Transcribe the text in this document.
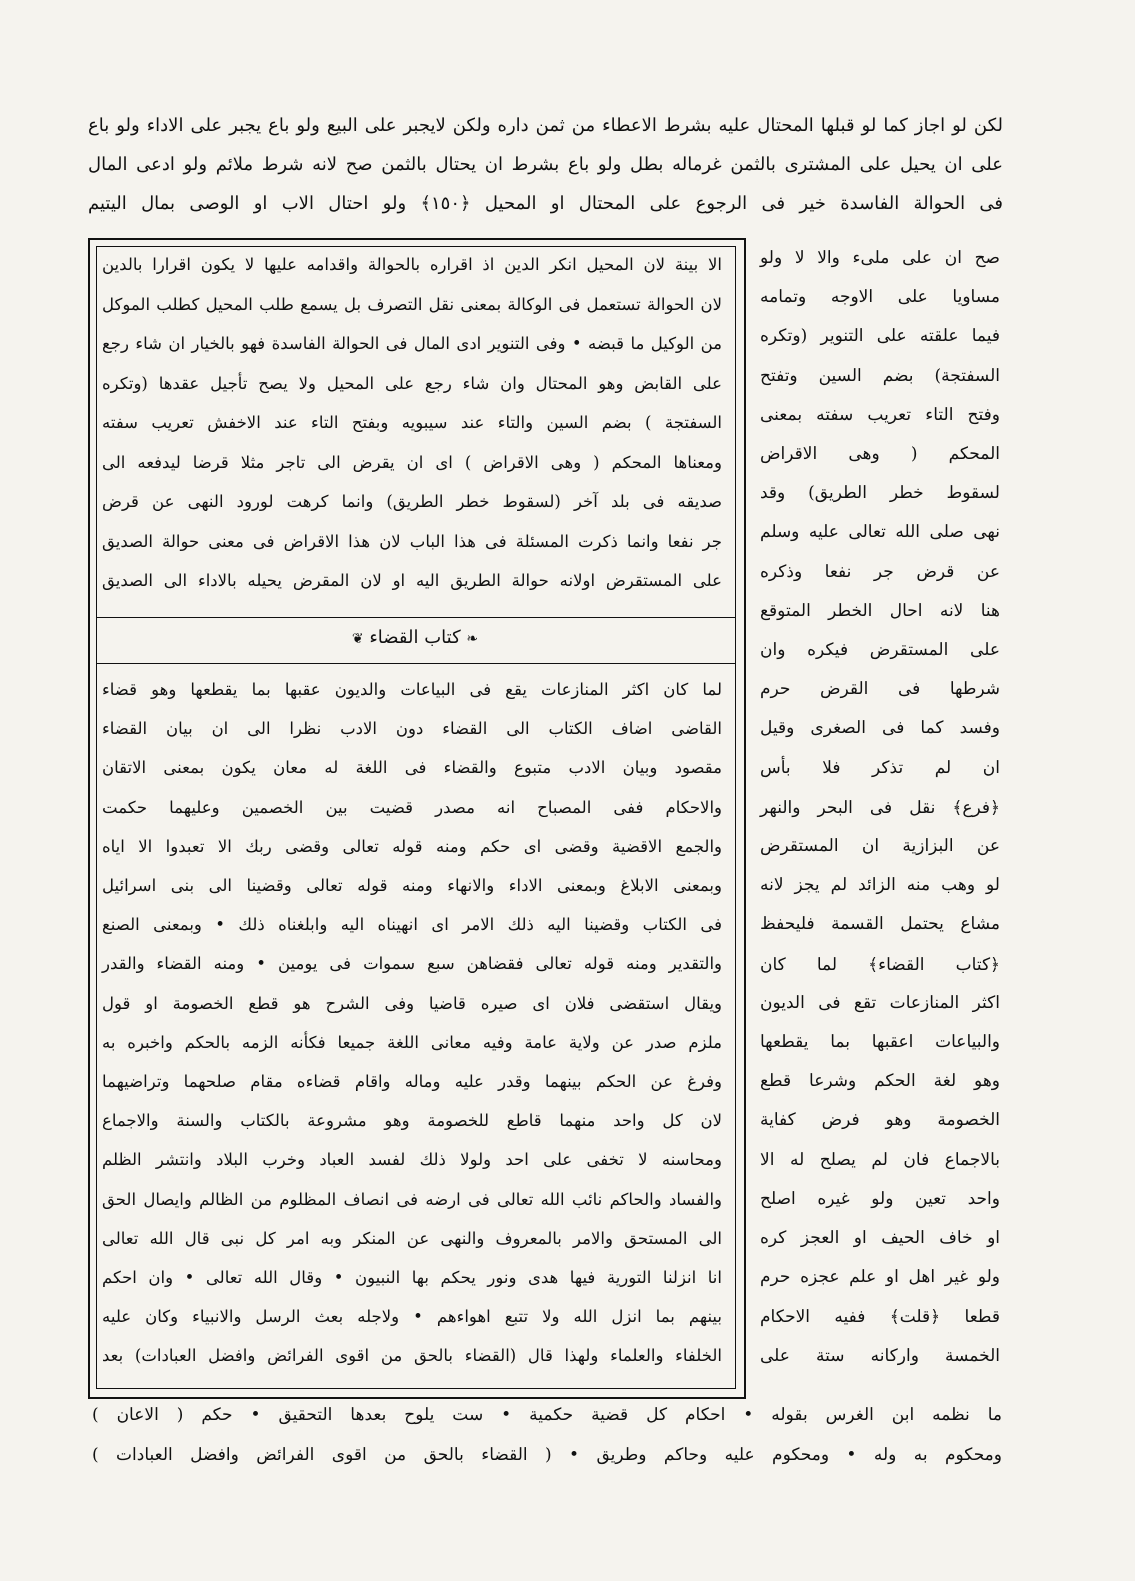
❧ كتاب القضاء ❦
لكن لو اجاز كما لو قبلها المحتال عليه بشرط الاعطاء من ثمن داره ولكن لايجبر على البيع ولو باع يجبر على الاداء ولو باع
على ان يحيل على المشترى بالثمن غرماله بطل ولو باع بشرط ان يحتال بالثمن صح لانه شرط ملائم ولو ادعى المال
فى الحوالة الفاسدة خير فى الرجوع على المحتال او المحيل ﴿١٥٠﴾ ولو احتال الاب او الوصى بمال اليتيم
الا بينة لان المحيل انكر الدين اذ اقراره بالحوالة واقدامه عليها لا يكون اقرارا بالدين
لان الحوالة تستعمل فى الوكالة بمعنى نقل التصرف بل يسمع طلب المحيل كطلب الموكل
من الوكيل ما قبضه • وفى التنوير ادى المال فى الحوالة الفاسدة فهو بالخيار ان شاء رجع
على القابض وهو المحتال وان شاء رجع على المحيل ولا يصح تأجيل عقدها (وتكره
السفتجة ) بضم السين والتاء عند سيبويه وبفتح التاء عند الاخفش تعريب سفته
ومعناها المحكم ( وهى الاقراض ) اى ان يقرض الى تاجر مثلا قرضا ليدفعه الى
صديقه فى بلد آخر (لسقوط خطر الطريق) وانما كرهت لورود النهى عن قرض
جر نفعا وانما ذكرت المسئلة فى هذا الباب لان هذا الاقراض فى معنى حوالة الصديق
على المستقرض اولانه حوالة الطريق اليه او لان المقرض يحيله بالاداء الى الصديق
لما كان اكثر المنازعات يقع فى البياعات والديون عقبها بما يقطعها وهو قضاء
القاضى اضاف الكتاب الى القضاء دون الادب نظرا الى ان بيان القضاء
مقصود وبيان الادب متبوع والقضاء فى اللغة له معان يكون بمعنى الاتقان
والاحكام ففى المصباح انه مصدر قضيت بين الخصمين وعليهما حكمت
والجمع الاقضية وقضى اى حكم ومنه قوله تعالى وقضى ربك الا تعبدوا الا اياه
وبمعنى الابلاغ وبمعنى الاداء والانهاء ومنه قوله تعالى وقضينا الى بنى اسرائيل
فى الكتاب وقضينا اليه ذلك الامر اى انهيناه اليه وابلغناه ذلك • وبمعنى الصنع
والتقدير ومنه قوله تعالى فقضاهن سبع سموات فى يومين • ومنه القضاء والقدر
ويقال استقضى فلان اى صيره قاضيا وفى الشرح هو قطع الخصومة او قول
ملزم صدر عن ولاية عامة وفيه معانى اللغة جميعا فكأنه الزمه بالحكم واخبره به
وفرغ عن الحكم بينهما وقدر عليه وماله واقام قضاءه مقام صلحهما وتراضيهما
لان كل واحد منهما قاطع للخصومة وهو مشروعة بالكتاب والسنة والاجماع
ومحاسنه لا تخفى على احد ولولا ذلك لفسد العباد وخرب البلاد وانتشر الظلم
والفساد والحاكم نائب الله تعالى فى ارضه فى انصاف المظلوم من الظالم وايصال الحق
الى المستحق والامر بالمعروف والنهى عن المنكر وبه امر كل نبى قال الله تعالى
انا انزلنا التورية فيها هدى ونور يحكم بها النبيون • وقال الله تعالى • وان احكم
بينهم بما انزل الله ولا تتبع اهواءهم • ولاجله بعث الرسل والانبياء وكان عليه
الخلفاء والعلماء ولهذا قال (القضاء بالحق من اقوى الفرائض وافضل العبادات) بعد
صح ان على ملىء والا لا ولو
مساويا على الاوجه وتمامه
فيما علقته على التنوير (وتكره
السفتجة) بضم السين وتفتح
وفتح التاء تعريب سفته بمعنى
المحكم ( وهى الاقراض
لسقوط خطر الطريق) وقد
نهى صلى الله تعالى عليه وسلم
عن قرض جر نفعا وذكره
هنا لانه احال الخطر المتوقع
على المستقرض فيكره وان
شرطها فى القرض حرم
وفسد كما فى الصغرى وقيل
ان لم تذكر فلا بأس
﴿فرع﴾ نقل فى البحر والنهر
عن البزازية ان المستقرض
لو وهب منه الزائد لم يجز لانه
مشاع يحتمل القسمة فليحفظ
﴿كتاب القضاء﴾ لما كان
اكثر المنازعات تقع فى الديون
والبياعات اعقبها بما يقطعها
وهو لغة الحكم وشرعا قطع
الخصومة وهو فرض كفاية
بالاجماع فان لم يصلح له الا
واحد تعين ولو غيره اصلح
او خاف الحيف او العجز كره
ولو غير اهل او علم عجزه حرم
قطعا ﴿قلت﴾ ففيه الاحكام
الخمسة واركانه ستة على
ما نظمه ابن الغرس بقوله • احكام كل قضية حكمية • ست يلوح بعدها التحقيق • حكم ( الاعان )
ومحكوم به وله • ومحكوم عليه وحاكم وطريق • ( القضاء بالحق من اقوى الفرائض وافضل العبادات )
